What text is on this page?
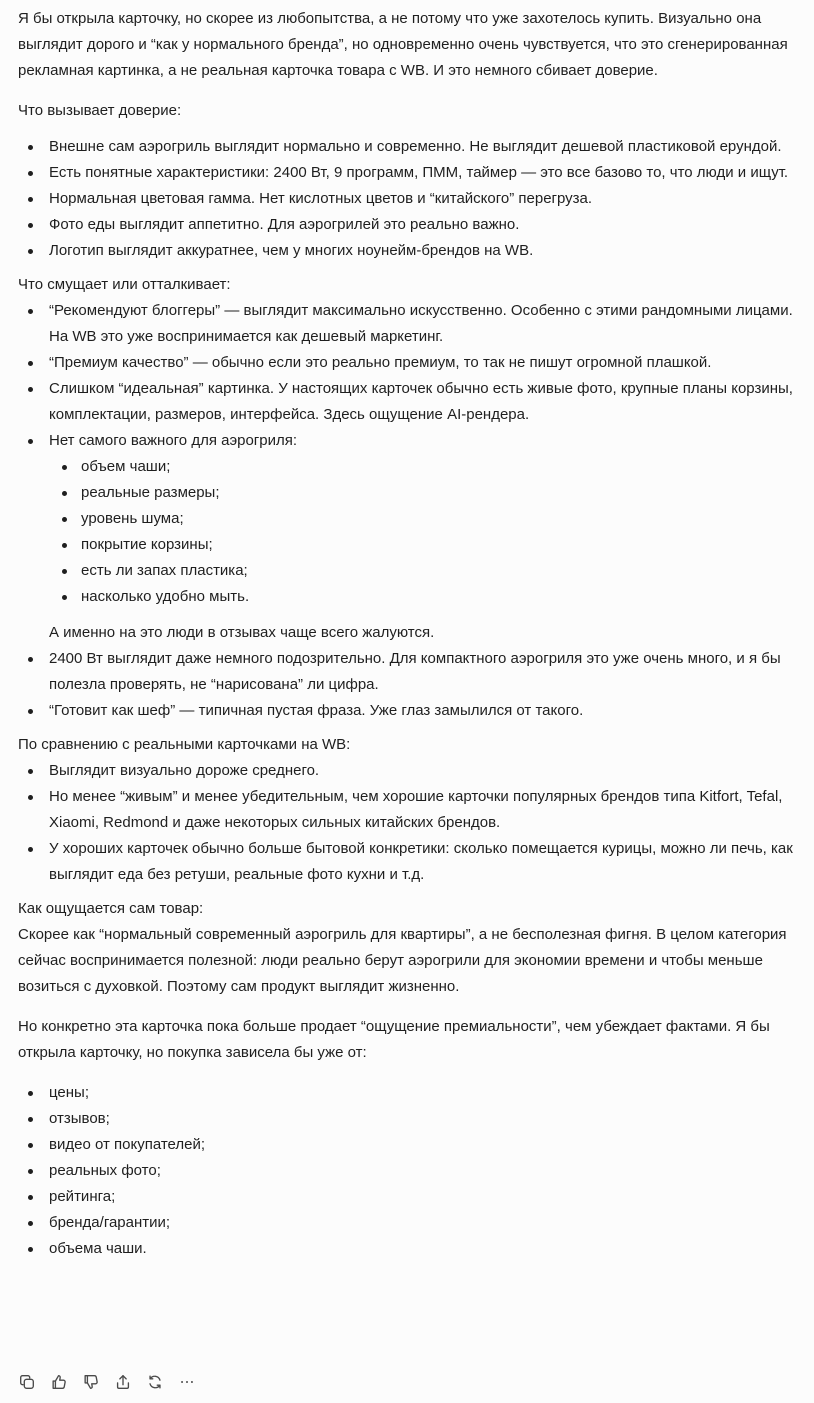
Я бы открыла карточку, но скорее из любопытства, а не потому что уже захотелось купить. Визуально она выглядит дорого и “как у нормального бренда”, но одновременно очень чувствуется, что это сгенерированная рекламная картинка, а не реальная карточка товара с WB. И это немного сбивает доверие.

Что вызывает доверие:

Внешне сам аэрогриль выглядит нормально и современно. Не выглядит дешевой пластиковой ерундой.
Есть понятные характеристики: 2400 Вт, 9 программ, ПММ, таймер — это все базово то, что люди и ищут.
Нормальная цветовая гамма. Нет кислотных цветов и “китайского” перегруза.
Фото еды выглядит аппетитно. Для аэрогрилей это реально важно.
Логотип выглядит аккуратнее, чем у многих ноунейм-брендов на WB.

Что смущает или отталкивает:

“Рекомендуют блоггеры” — выглядит максимально искусственно. Особенно с этими рандомными лицами. На WB это уже воспринимается как дешевый маркетинг.
“Премиум качество” — обычно если это реально премиум, то так не пишут огромной плашкой.
Слишком “идеальная” картинка. У настоящих карточек обычно есть живые фото, крупные планы корзины, комплектации, размеров, интерфейса. Здесь ощущение AI-рендера.
Нет самого важного для аэрогриля:
объем чаши;
реальные размеры;
уровень шума;
покрытие корзины;
есть ли запах пластика;
насколько удобно мыть.

А именно на это люди в отзывах чаще всего жалуются.

2400 Вт выглядит даже немного подозрительно. Для компактного аэрогриля это уже очень много, и я бы полезла проверять, не “нарисована” ли цифра.
“Готовит как шеф” — типичная пустая фраза. Уже глаз замылился от такого.

По сравнению с реальными карточками на WB:

Выглядит визуально дороже среднего.
Но менее “живым” и менее убедительным, чем хорошие карточки популярных брендов типа Kitfort, Tefal, Xiaomi, Redmond и даже некоторых сильных китайских брендов.
У хороших карточек обычно больше бытовой конкретики: сколько помещается курицы, можно ли печь, как выглядит еда без ретуши, реальные фото кухни и т.д.

Как ощущается сам товар:

Скорее как “нормальный современный аэрогриль для квартиры”, а не бесполезная фигня. В целом категория сейчас воспринимается полезной: люди реально берут аэрогрили для экономии времени и чтобы меньше возиться с духовкой. Поэтому сам продукт выглядит жизненно.

Но конкретно эта карточка пока больше продает “ощущение премиальности”, чем убеждает фактами. Я бы открыла карточку, но покупка зависела бы уже от:

цены;
отзывов;
видео от покупателей;
реальных фото;
рейтинга;
бренда/гарантии;
объема чаши.
